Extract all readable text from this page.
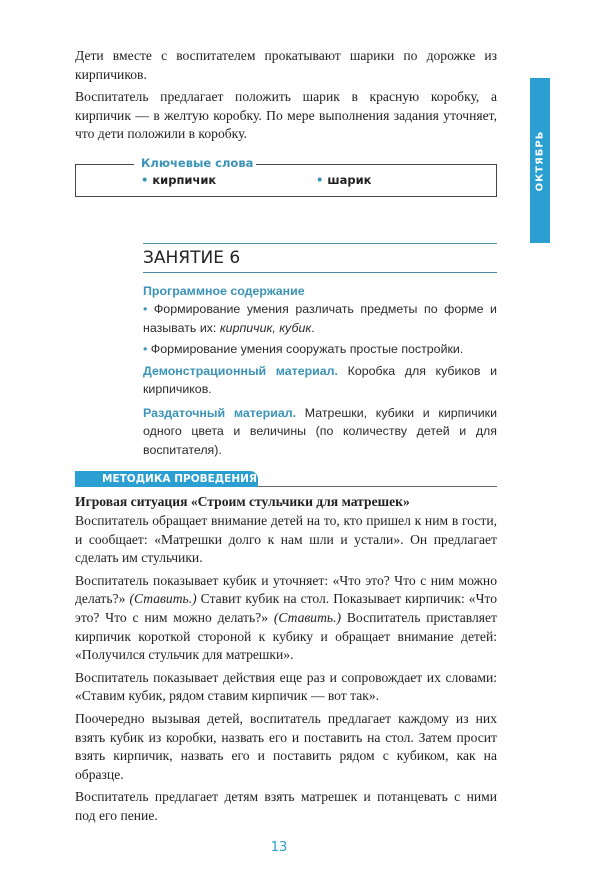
ОКТЯБРЬ

Дети вместе с воспитателем прокатывают шарики по дорожке из кирпичиков.

Воспитатель предлагает положить шарик в красную коробку, а кирпичик — в желтую коробку. По мере выполнения задания уточняет, что дети положили в коробку.

Ключевые слова
• кирпичик	• шарик
ЗАНЯТИЕ 6

Программное содержание

• Формирование умения различать предметы по форме и называть их: кирпичик, кубик.

• Формирование умения сооружать простые постройки.

Демонстрационный материал. Коробка для кубиков и кирпичиков.

Раздаточный материал. Матрешки, кубики и кирпичики одного цвета и величины (по количеству детей и для воспитателя).

МЕТОДИКА ПРОВЕДЕНИЯ

Игровая ситуация «Строим стульчики для матрешек»

Воспитатель обращает внимание детей на то, кто пришел к ним в гости, и сообщает: «Матрешки долго к нам шли и устали». Он предлагает сделать им стульчики.

Воспитатель показывает кубик и уточняет: «Что это? Что с ним можно делать?» (Ставить.) Ставит кубик на стол. Показывает кирпичик: «Что это? Что с ним можно делать?» (Ставить.) Воспитатель приставляет кирпичик короткой стороной к кубику и обращает внимание детей: «Получился стульчик для матрешки».

Воспитатель показывает действия еще раз и сопровождает их словами: «Ставим кубик, рядом ставим кирпичик — вот так».

Поочередно вызывая детей, воспитатель предлагает каждому из них взять кубик из коробки, назвать его и поставить на стол. Затем просит взять кирпичик, назвать его и поставить рядом с кубиком, как на образце.

Воспитатель предлагает детям взять матрешек и потанцевать с ними под его пение.

13
